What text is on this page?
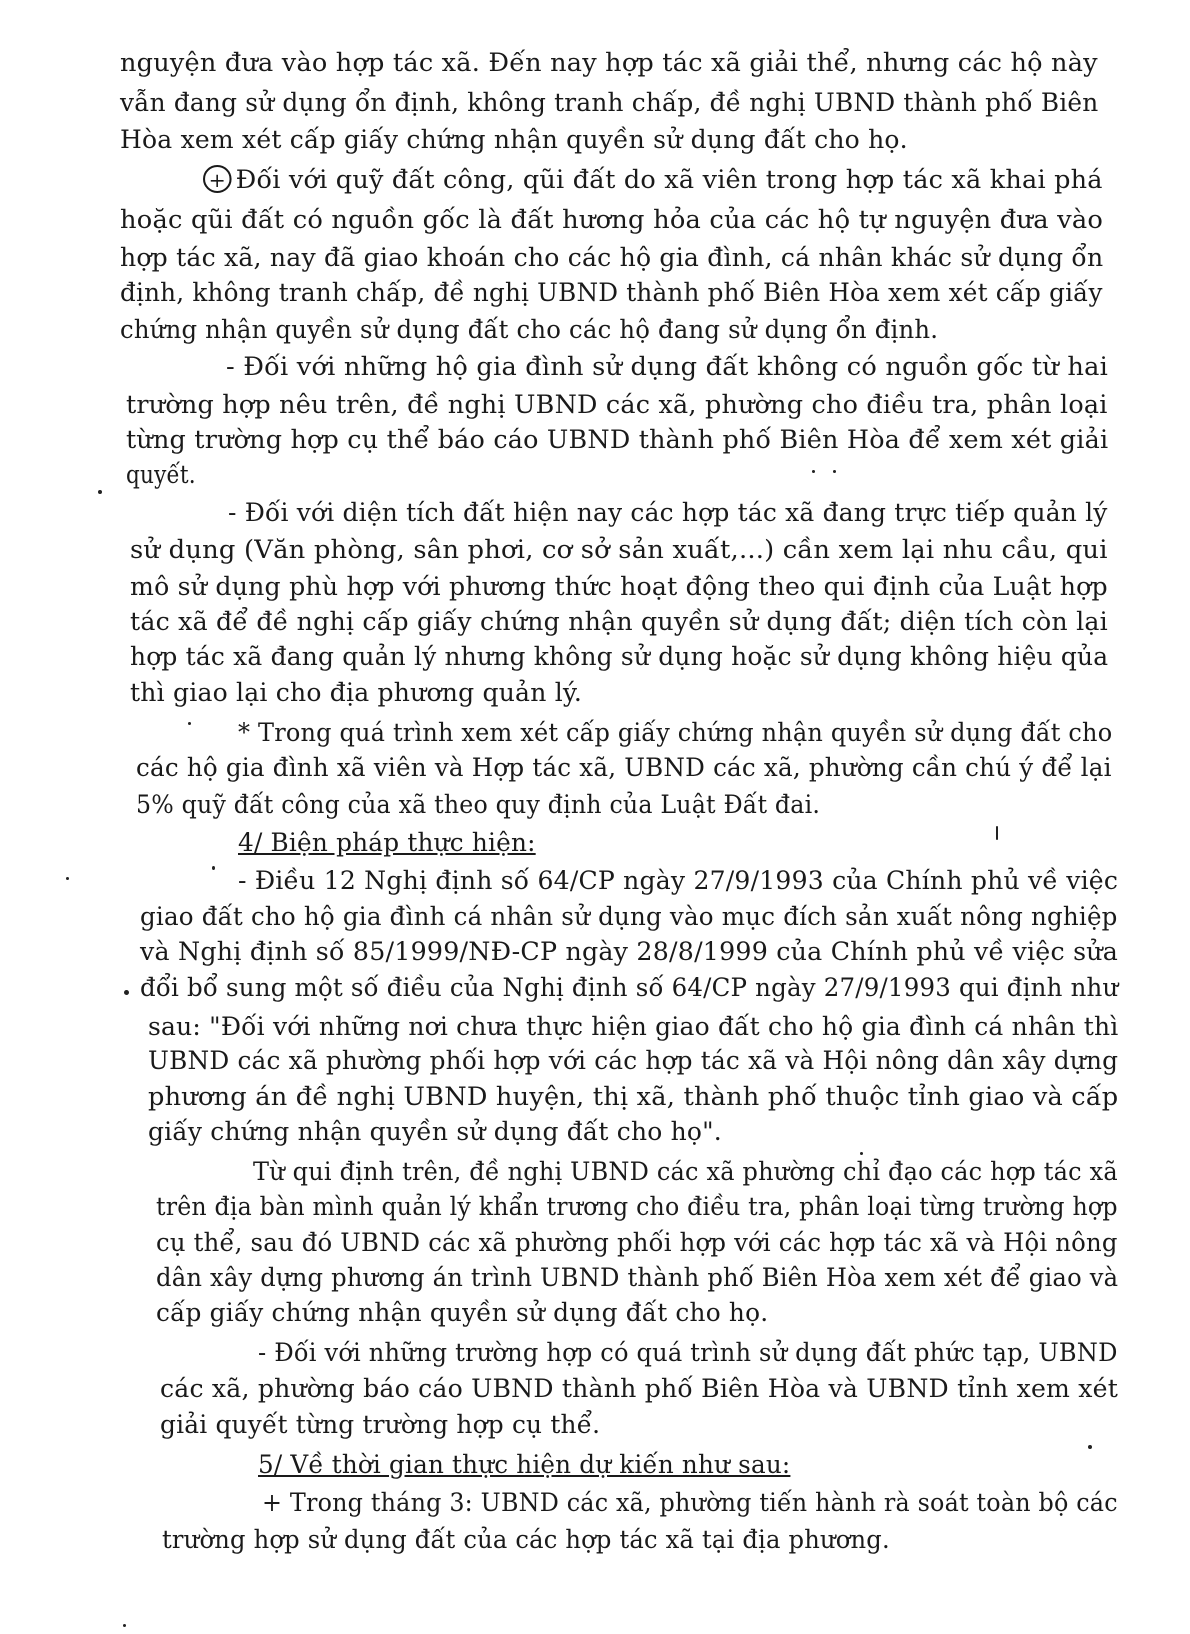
nguyện đưa vào hợp tác xã. Đến nay hợp tác xã giải thể, nhưng các hộ này
vẫn đang sử dụng ổn định, không tranh chấp, đề nghị UBND thành phố Biên
Hòa xem xét cấp giấy chứng nhận quyền sử dụng đất cho họ.
+ Đối với quỹ đất công, qũi đất do xã viên trong hợp tác xã khai phá
hoặc qũi đất có nguồn gốc là đất hương hỏa của các hộ tự nguyện đưa vào
hợp tác xã, nay đã giao khoán cho các hộ gia đình, cá nhân khác sử dụng ổn
định, không tranh chấp, đề nghị UBND thành phố Biên Hòa xem xét cấp giấy
chứng nhận quyền sử dụng đất cho các hộ đang sử dụng ổn định.
- Đối với những hộ gia đình sử dụng đất không có nguồn gốc từ hai
trường hợp nêu trên, đề nghị UBND các xã, phường cho điều tra, phân loại
từng trường hợp cụ thể báo cáo UBND thành phố Biên Hòa để xem xét giải
quyết.
- Đối với diện tích đất hiện nay các hợp tác xã đang trực tiếp quản lý
sử dụng (Văn phòng, sân phơi, cơ sở sản xuất,...) cần xem lại nhu cầu, qui
mô sử dụng phù hợp với phương thức hoạt động theo qui định của Luật hợp
tác xã để đề nghị cấp giấy chứng nhận quyền sử dụng đất; diện tích còn lại
hợp tác xã đang quản lý nhưng không sử dụng hoặc sử dụng không hiệu qủa
thì giao lại cho địa phương quản lý.
* Trong quá trình xem xét cấp giấy chứng nhận quyền sử dụng đất cho
các hộ gia đình xã viên và Hợp tác xã, UBND các xã, phường cần chú ý để lại
5% quỹ đất công của xã theo quy định của Luật Đất đai.
4/ Biện pháp thực hiện:
- Điều 12 Nghị định số 64/CP ngày 27/9/1993 của Chính phủ về việc
giao đất cho hộ gia đình cá nhân sử dụng vào mục đích sản xuất nông nghiệp
và Nghị định số 85/1999/NĐ-CP ngày 28/8/1999 của Chính phủ về việc sửa
đổi bổ sung một số điều của Nghị định số 64/CP ngày 27/9/1993 qui định như
sau: "Đối với những nơi chưa thực hiện giao đất cho hộ gia đình cá nhân thì
UBND các xã phường phối hợp với các hợp tác xã và Hội nông dân xây dựng
phương án đề nghị UBND huyện, thị xã, thành phố thuộc tỉnh giao và cấp
giấy chứng nhận quyền sử dụng đất cho họ".
Từ qui định trên, đề nghị UBND các xã phường chỉ đạo các hợp tác xã
trên địa bàn mình quản lý khẩn trương cho điều tra, phân loại từng trường hợp
cụ thể, sau đó UBND các xã phường phối hợp với các hợp tác xã và Hội nông
dân xây dựng phương án trình UBND thành phố Biên Hòa xem xét để giao và
cấp giấy chứng nhận quyền sử dụng đất cho họ.
- Đối với những trường hợp có quá trình sử dụng đất phức tạp, UBND
các xã, phường báo cáo UBND thành phố Biên Hòa và UBND tỉnh xem xét
giải quyết từng trường hợp cụ thể.
5/ Về thời gian thực hiện dự kiến như sau:
+ Trong tháng 3: UBND các xã, phường tiến hành rà soát toàn bộ các
trường hợp sử dụng đất của các hợp tác xã tại địa phương.
